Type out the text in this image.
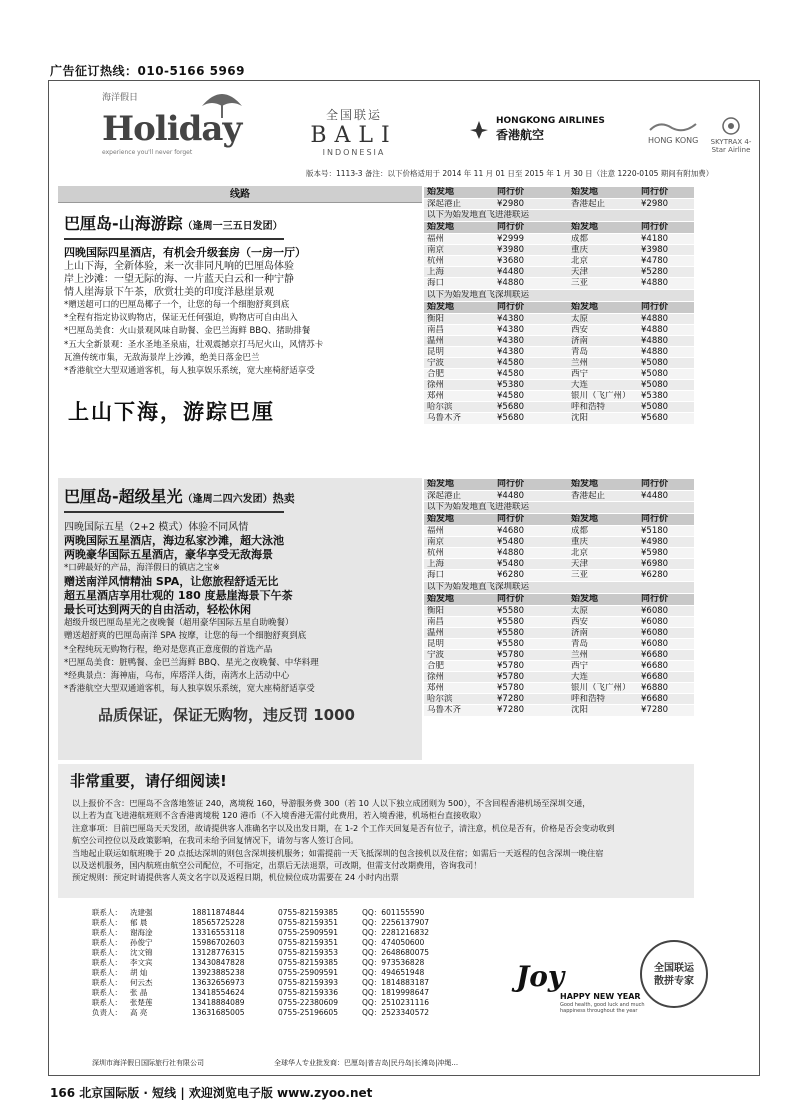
广告征订热线：010-5166 5969
海洋假日
Holiday
experience you'll never forget
全国联运
BALI
INDONESIA
HONGKONG AIRLINES
香港航空	HONG KONG	SKYTRAX 4-Star Airline
版本号：1113-3 备注：以下价格适用于 2014 年 11 月 01 日至 2015 年 1 月 30 日（注意 1220-0105 期间有附加费）
线路
巴厘岛-山海游踪（逢周一三五日发团）
四晚国际四星酒店，有机会升级套房（一房一厅）
上山下海，全新体验，来一次非同凡响的巴厘岛体验
岸上沙滩：一望无际的海、一片蓝天白云和一种宁静
情人崖海景下午茶，欣赏壮美的印度洋悬崖景观
*赠送超可口的巴厘岛椰子一个，让您的每一个细胞舒爽到底
*全程有指定协议购物店，保证无任何强迫，购物店可自由出入
*巴厘岛美食：火山景观风味自助餐、金巴兰海鲜 BBQ、猪助排餐
*五大全新景观：圣水圣地圣泉庙，壮观震撼京打马尼火山，风情苏卡
瓦渔传统市集，无敌海景岸上沙滩，绝美日落金巴兰
*香港航空大型双通道客机，每人独享娱乐系统，宽大座椅舒适享受
上山下海，游踪巴厘
巴厘岛-超级星光（逢周二四六发团）热卖
四晚国际五星（2+2 模式）体验不同风情
两晚国际五星酒店，海边私家沙滩，超大泳池
两晚豪华国际五星酒店，豪华享受无敌海景
*口碑最好的产品，海洋假日的镇店之宝※
赠送南洋风情精油 SPA，让您旅程舒适无比
超五星酒店享用壮观的 180 度悬崖海景下午茶
最长可达到两天的自由活动，轻松休闲
超级升级巴厘岛星光之夜晚餐（超用豪华国际五星自助晚餐）
赠送超舒爽的巴厘岛南洋 SPA 按摩，让您的每一个细胞舒爽到底
*全程纯玩无购物行程，绝对是您真正意度假的首选产品
*巴厘岛美食：脏鸭餐、金巴兰海鲜 BBQ、星光之夜晚餐、中华料理
*经典景点：海神庙，乌布，库塔洋人街，南湾水上活动中心
*香港航空大型双通道客机，每人独享娱乐系统，宽大座椅舒适享受
品质保证，保证无购物，违反罚 1000
始发地	同行价	始发地	同行价
深起港止	¥2980	香港起止	¥2980
以下为始发地直飞进港联运			
始发地	同行价	始发地	同行价
福州	¥2999	成都	¥4180
南京	¥3980	重庆	¥3980
杭州	¥3680	北京	¥4780
上海	¥4480	天津	¥5280
海口	¥4880	三亚	¥4880
以下为始发地直飞深圳联运			
始发地	同行价	始发地	同行价
衡阳	¥4380	太原	¥4880
南昌	¥4380	西安	¥4880
温州	¥4380	济南	¥4880
昆明	¥4380	青岛	¥4880
宁波	¥4580	兰州	¥5080
合肥	¥4580	西宁	¥5080
徐州	¥5380	大连	¥5080
郑州	¥4580	银川（飞广州）	¥5380
哈尔滨	¥5680	呼和浩特	¥5080
乌鲁木齐	¥5680	沈阳	¥5680
始发地	同行价	始发地	同行价
深起港止	¥4480	香港起止	¥4480
以下为始发地直飞进港联运			
始发地	同行价	始发地	同行价
福州	¥4680	成都	¥5180
南京	¥5480	重庆	¥4980
杭州	¥4880	北京	¥5980
上海	¥5480	天津	¥6980
海口	¥6280	三亚	¥6280
以下为始发地直飞深圳联运			
始发地	同行价	始发地	同行价
衡阳	¥5580	太原	¥6080
南昌	¥5580	西安	¥6080
温州	¥5580	济南	¥6080
昆明	¥5580	青岛	¥6080
宁波	¥5780	兰州	¥6680
合肥	¥5780	西宁	¥6680
徐州	¥5780	大连	¥6680
郑州	¥5780	银川（飞广州）	¥6880
哈尔滨	¥7280	呼和浩特	¥6680
乌鲁木齐	¥7280	沈阳	¥7280
非常重要，请仔细阅读!
以上报价不含：巴厘岛不含落地签证 240，离境税 160，导游服务费 300（若 10 人以下独立成团则为 500），不含回程香港机场至深圳交通，
以上若为直飞进港航班则不含香港离境税 120 港币（不入境香港无需付此费用，若入境香港，机场柜台直接收取）
注意事项：目前巴厘岛天天发团，故请提供客人准确名字以及出发日期，在 1-2 个工作天回复是否有位子，清注意，机位是否有，价格是否会变动收到
航空公司控位以及政策影响，在我司未给予回复情况下，请勿与客人签订合同。
当地起止联运如航班晚于 20 点抵达深圳的则包含深圳接机服务；如需提前一天飞抵深圳的包含接机以及住宿；如需后一天返程的包含深圳一晚住宿
以及送机服务，国内航班由航空公司配位，不可指定，出票后无法退票，可改期，但需支付改期费用，咨询我司！
预定规则：预定时请提供客人英文名字以及返程日期，机位候位成功需要在 24 小时内出票
联系人：	冼建强	18811874844	0755-82159385	QQ：601155590
联系人：	郁 晨	18565725228	0755-82159351	QQ：2256137907
联系人：	谢海淦	13316553118	0755-25909591	QQ：2281216832
联系人：	孙俊宁	15986702603	0755-82159351	QQ：474050600
联系人：	沈文锦	13128776315	0755-82159353	QQ：2648680075
联系人：	李文宾	13430847828	0755-82159385	QQ：973536828
联系人：	胡 灿	13923885238	0755-25909591	QQ：494651948
联系人：	何云杰	13632656973	0755-82159393	QQ：1814883187
联系人：	张 晶	13418554624	0755-82159336	QQ：1819998647
联系人：	张楚莲	13418884089	0755-22380609	QQ：2510231116
负责人：	高 亮	13631685005	0755-25196605	QQ：2523340572
深圳市海洋假日国际旅行社有限公司	全球华人专业批发商：巴厘岛|普吉岛|民丹岛|长滩岛|冲绳...
Joy
HAPPY NEW YEAR
Good health, good luck and much happiness throughout the year
全国联运
散拼专家
166 北京国际版 · 短线 | 欢迎浏览电子版 www.zyoo.net
